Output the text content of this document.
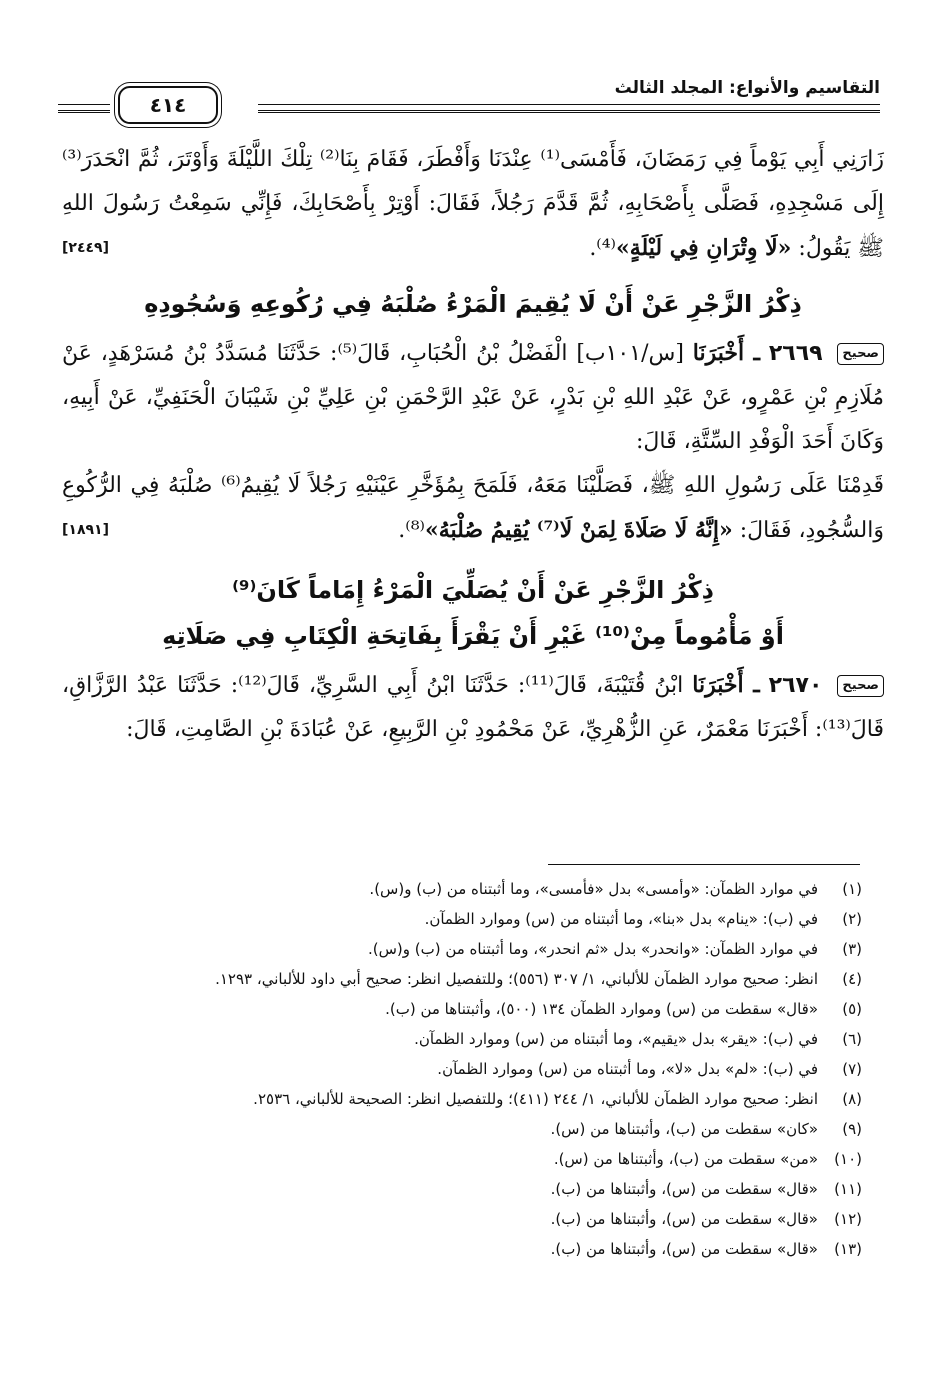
التقاسيم والأنواع: المجلد الثالث
٤١٤

زَارَنِي أَبِي يَوْماً فِي رَمَضَانَ، فَأَمْسَى⁽¹⁾ عِنْدَنَا وَأَفْطَرَ، فَقَامَ بِنَا⁽²⁾ تِلْكَ اللَّيْلَةَ وَأَوْتَرَ، ثُمَّ انْحَدَرَ⁽³⁾ إِلَى مَسْجِدِهِ، فَصَلَّى بِأَصْحَابِهِ، ثُمَّ قَدَّمَ رَجُلاً، فَقَالَ: أَوْتِرْ بِأَصْحَابِكَ، فَإِنِّي سَمِعْتُ رَسُولَ اللهِ ﷺ يَقُولُ: «لَا وِتْرَانِ فِي لَيْلَةٍ»⁽⁴⁾.
[٢٤٤٩]

ذِكْرُ الزَّجْرِ عَنْ أَنْ لَا يُقِيمَ الْمَرْءُ صُلْبَهُ فِي رُكُوعِهِ وَسُجُودِهِ

صحيح ٢٦٦٩ ـ أَخْبَرَنَا [س/١٠١ب] الْفَضْلُ بْنُ الْحُبَابِ، قَالَ⁽⁵⁾: حَدَّثَنَا مُسَدَّدُ بْنُ مُسَرْهَدٍ، عَنْ مُلَازِمِ بْنِ عَمْرٍو، عَنْ عَبْدِ اللهِ بْنِ بَدْرٍ، عَنْ عَبْدِ الرَّحْمَنِ بْنِ عَلِيِّ بْنِ شَيْبَانَ الْحَنَفِيِّ، عَنْ أَبِيهِ، وَكَانَ أَحَدَ الْوَفْدِ السِّتَّةِ، قَالَ:

قَدِمْنَا عَلَى رَسُولِ اللهِ ﷺ، فَصَلَّيْنَا مَعَهُ، فَلَمَحَ بِمُؤَخَّرِ عَيْنَيْهِ رَجُلاً لَا يُقِيمُ⁽⁶⁾ صُلْبَهُ فِي الرُّكُوعِ وَالسُّجُودِ، فَقَالَ: «إِنَّهُ لَا صَلَاةَ لِمَنْ لَا⁽⁷⁾ يُقِيمُ صُلْبَهُ»⁽⁸⁾.
[١٨٩١]

ذِكْرُ الزَّجْرِ عَنْ أَنْ يُصَلِّيَ الْمَرْءُ إِمَاماً كَانَ⁽⁹⁾
أَوْ مَأْمُوماً مِنْ⁽¹⁰⁾ غَيْرِ أَنْ يَقْرَأَ بِفَاتِحَةِ الْكِتَابِ فِي صَلَاتِهِ

صحيح ٢٦٧٠ ـ أَخْبَرَنَا ابْنُ قُتَيْبَةَ، قَالَ⁽¹¹⁾: حَدَّثَنَا ابْنُ أَبِي السَّرِيِّ، قَالَ⁽¹²⁾: حَدَّثَنَا عَبْدُ الرَّزَّاقِ، قَالَ⁽¹³⁾: أَخْبَرَنَا مَعْمَرٌ، عَنِ الزُّهْرِيِّ، عَنْ مَحْمُودِ بْنِ الرَّبِيعِ، عَنْ عُبَادَةَ بْنِ الصَّامِتِ، قَالَ:

(١)
في موارد الظمآن: «وأمسى» بدل «فأمسى»، وما أثبتناه من (ب) و(س).
(٢)
في (ب): «ينام» بدل «بنا»، وما أثبتناه من (س) وموارد الظمآن.
(٣)
في موارد الظمآن: «وانحدر» بدل «ثم انحدر»، وما أثبتناه من (ب) و(س).
(٤)
انظر: صحيح موارد الظمآن للألباني، ١/ ٣٠٧ (٥٥٦)؛ وللتفصيل انظر: صحيح أبي داود للألباني، ١٢٩٣.
(٥)
«قال» سقطت من (س) وموارد الظمآن ١٣٤ (٥٠٠)، وأثبتناها من (ب).
(٦)
في (ب): «يقر» بدل «يقيم»، وما أثبتناه من (س) وموارد الظمآن.
(٧)
في (ب): «لم» بدل «لا»، وما أثبتناه من (س) وموارد الظمآن.
(٨)
انظر: صحيح موارد الظمآن للألباني، ١/ ٢٤٤ (٤١١)؛ وللتفصيل انظر: الصحيحة للألباني، ٢٥٣٦.
(٩)
«كان» سقطت من (ب)، وأثبتناها من (س).
(١٠)
«من» سقطت من (ب)، وأثبتناها من (س).
(١١)
«قال» سقطت من (س)، وأثبتناها من (ب).
(١٢)
«قال» سقطت من (س)، وأثبتناها من (ب).
(١٣)
«قال» سقطت من (س)، وأثبتناها من (ب).
